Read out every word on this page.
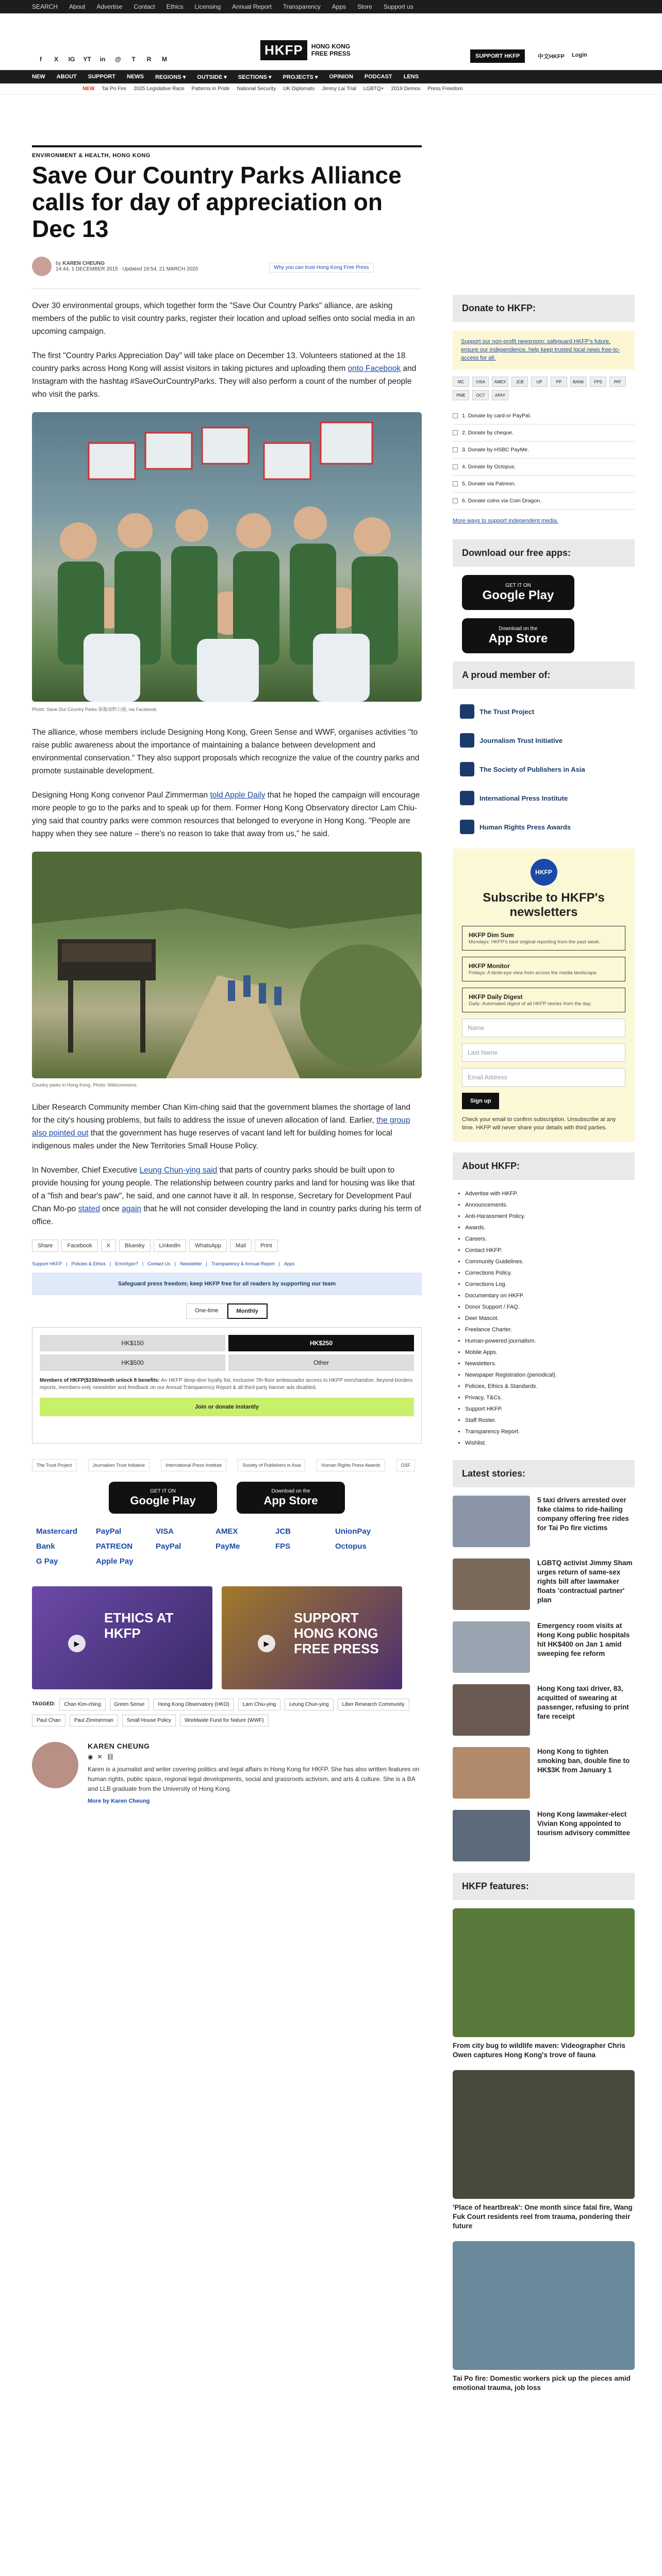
SEARCH About Advertise Contact Ethics Licensing Annual Report Transparency Apps Store Support us
f	X	IG YT	in	@	T	R	M
HKFP	HONG KONG
FREE PRESS	SUPPORT HKFP	中文HKFP Login
NEW ABOUT SUPPORT NEWS REGIONS ▾ OUTSIDE ▾ SECTIONS ▾ PROJECTS ▾ OPINION PODCAST LENS
NEW Tai Po Fire 2025 Legislative Race Patterns in Pride National Security UK Diplomats Jimmy Lai Trial LGBTQ+ 2019 Demos Press Freedom
ENVIRONMENT & HEALTH, HONG KONG
Save Our Country Parks Alliance calls for day of appreciation on Dec 13
by KAREN CHEUNG
14:44, 1 DECEMBER 2015 · Updated 19:54, 21 MARCH 2020	Why you can trust Hong Kong Free Press

Over 30 environmental groups, which together form the "Save Our Country Parks" alliance, are asking members of the public to visit country parks, register their location and upload selfies onto social media in an upcoming campaign.

The first "Country Parks Appreciation Day" will take place on December 13. Volunteers stationed at the 18 country parks across Hong Kong will assist visitors in taking pictures and uploading them onto Facebook and Instagram with the hashtag #SaveOurCountryParks. They will also perform a count of the number of people who visit the parks.

Photo: Save Our Country Parks 保衛郊野公園, via Facebook.

The alliance, whose members include Designing Hong Kong, Green Sense and WWF, organises activities "to raise public awareness about the importance of maintaining a balance between development and environmental conservation." They also support proposals which recognize the value of the country parks and promote sustainable development.

Designing Hong Kong convenor Paul Zimmerman told Apple Daily that he hoped the campaign will encourage more people to go to the parks and to speak up for them. Former Hong Kong Observatory director Lam Chiu-ying said that country parks were common resources that belonged to everyone in Hong Kong. "People are happy when they see nature – there's no reason to take that away from us," he said.

Country parks in Hong Kong. Photo: Wikicommons.

Liber Research Community member Chan Kim-ching said that the government blames the shortage of land for the city's housing problems, but fails to address the issue of uneven allocation of land. Earlier, the group also pointed out that the government has huge reserves of vacant land left for building homes for local indigenous males under the New Territories Small House Policy.

In November, Chief Executive Leung Chun-ying said that parts of country parks should be built upon to provide housing for young people. The relationship between country parks and land for housing was like that of a "fish and bear's paw", he said, and one cannot have it all. In response, Secretary for Development Paul Chan Mo-po stated once again that he will not consider developing the land in country parks during his term of office.

Share	Facebook	X	Bluesky	LinkedIn	WhatsApp	Mail	Print
Support HKFP | Policies & Ethics | Error/typo? | Contact Us | Newsletter | Transparency & Annual Report | Apps
Safeguard press freedom; keep HKFP free for all readers by supporting our team
One-time	Monthly
HK$150	HK$250
HK$500	Other
Members of HKFP($150/month unlock 8 benefits: An HKFP deep-dive loyalty list, exclusive 7th-floor ambassador access to HKFP merchandise, beyond-borders reports, members-only newsletter and feedback on our Annual Transparency Report & all third-party banner ads disabled.
Join or donate instantly
The Trust Project	Journalism Trust Initiative	International Press Institute	Society of Publishers in Asia	Human Rights Press Awards	OSF
GET IT ON
Google Play
Download on the
App Store
Mastercard	PayPal	VISA	AMEX	JCB	UnionPay
Bank	PATREON	PayPal	PayMe	FPS	Octopus
G Pay	Apple Pay
▶
ETHICS AT HKFP
▶
SUPPORT HONG KONG FREE PRESS
TAGGED:	Chan Kim-ching	Green Sense	Hong Kong Observatory (HKO)	Lam Chiu-ying	Leung Chun-ying	Liber Research Community
Paul Chan	Paul Zimmerman	Small House Policy	Worldwide Fund for Nature (WWF)
KAREN CHEUNG
◉ ✕ ⛓

Karen is a journalist and writer covering politics and legal affairs in Hong Kong for HKFP. She has also written features on human rights, public space, regional legal developments, social and grassroots activism, and arts & culture. She is a BA and LLB graduate from the University of Hong Kong.

More by Karen Cheung
Donate to HKFP:
Support our non-profit newsroom: safeguard HKFP's future, ensure our independence, help keep trusted local news free-to-access for all.
MC	VISA	AMEX	JCB	UP	PP	BANK	FPS	PAT
PME	OCT	APAY
1. Donate by card or PayPal.
2. Donate by cheque.
3. Donate by HSBC PayMe.
4. Donate by Octopus.
5. Donate via Patreon.
6. Donate coins via Coin Dragon.
More ways to support independent media.
Download our free apps:
GET IT ON
Google Play
Download on the
App Store
A proud member of:
The Trust Project
Journalism Trust Initiative
The Society of Publishers in Asia
International Press Institute
Human Rights Press Awards
HKFP
Subscribe to HKFP's newsletters
HKFP Dim Sum
Mondays: HKFP's best original reporting from the past week.
HKFP Monitor
Fridays: A birds-eye view from across the media landscape.
HKFP Daily Digest
Daily: Automated digest of all HKFP stories from the day.
Name
Last Name
Email Address
Sign up
Check your email to confirm subscription. Unsubscribe at any time. HKFP will never share your details with third parties.
About HKFP:
• Advertise with HKFP.
• Announcements.
• Anti-Harassment Policy.
• Awards.
• Careers.
• Contact HKFP.
• Community Guidelines.
• Corrections Policy.
• Corrections Log.
• Documentary on HKFP.
• Donor Support / FAQ.
• Deer Mascot.
• Freelance Charter.
• Human-powered journalism.
• Mobile Apps.
• Newsletters.
• Newspaper Registration (periodical).
• Policies, Ethics & Standards.
• Privacy, T&Cs.
• Support HKFP.
• Staff Roster.
• Transparency Report.
• Wishlist.
Latest stories:
5 taxi drivers arrested over fake claims to ride-hailing company offering free rides for Tai Po fire victims
LGBTQ activist Jimmy Sham urges return of same-sex rights bill after lawmaker floats 'contractual partner' plan
Emergency room visits at Hong Kong public hospitals hit HK$400 on Jan 1 amid sweeping fee reform
Hong Kong taxi driver, 83, acquitted of swearing at passenger, refusing to print fare receipt
Hong Kong to tighten smoking ban, double fine to HK$3K from January 1
Hong Kong lawmaker-elect Vivian Kong appointed to tourism advisory committee
HKFP features:
From city bug to wildlife maven: Videographer Chris Owen captures Hong Kong's trove of fauna
'Place of heartbreak': One month since fatal fire, Wang Fuk Court residents reel from trauma, pondering their future
Tai Po fire: Domestic workers pick up the pieces amid emotional trauma, job loss
